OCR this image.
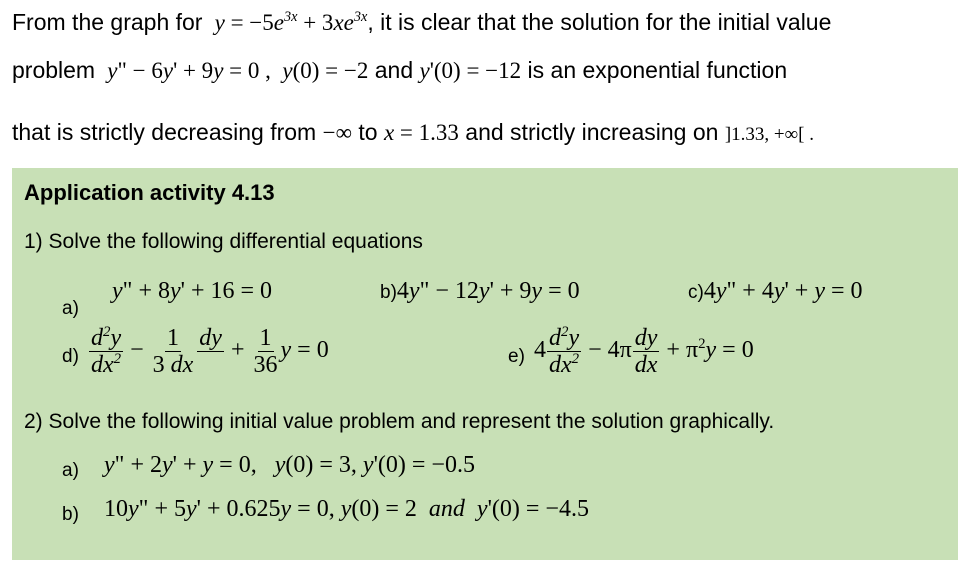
From the graph for  $y = -5e^{3x} + 3xe^{3x}$, it is clear that the solution for the initial value
problem  y" − 6y' + 9y = 0 ,  y(0) = −2 and y'(0) = −12 is an exponential function
that is strictly decreasing from −∞ to x = 1.33 and strictly increasing on ]1.33, +∞[ .
Application activity 4.13
1) Solve the following differential equations
a)
y" + 8y' + 16 = 0	b)4y" − 12y' + 9y = 0	c)4y" + 4y' + y = 0
$d) \frac{d^2y}{dx^2} - \frac{1}{3 dx}$ dy
+ $\frac{1}{36}$ y = 0	e) $4 \frac{d^2y}{dx^2} - 4\pi \frac{dy}{dx} + \pi^2y = 0$
2) Solve the following initial value problem and represent the solution graphically.
a) y" + 2y' + y = 0,   y(0) = 3, y'(0) = −0.5
b) 10y" + 5y' + 0.625y = 0, y(0) = 2  and  y'(0) = −4.5
